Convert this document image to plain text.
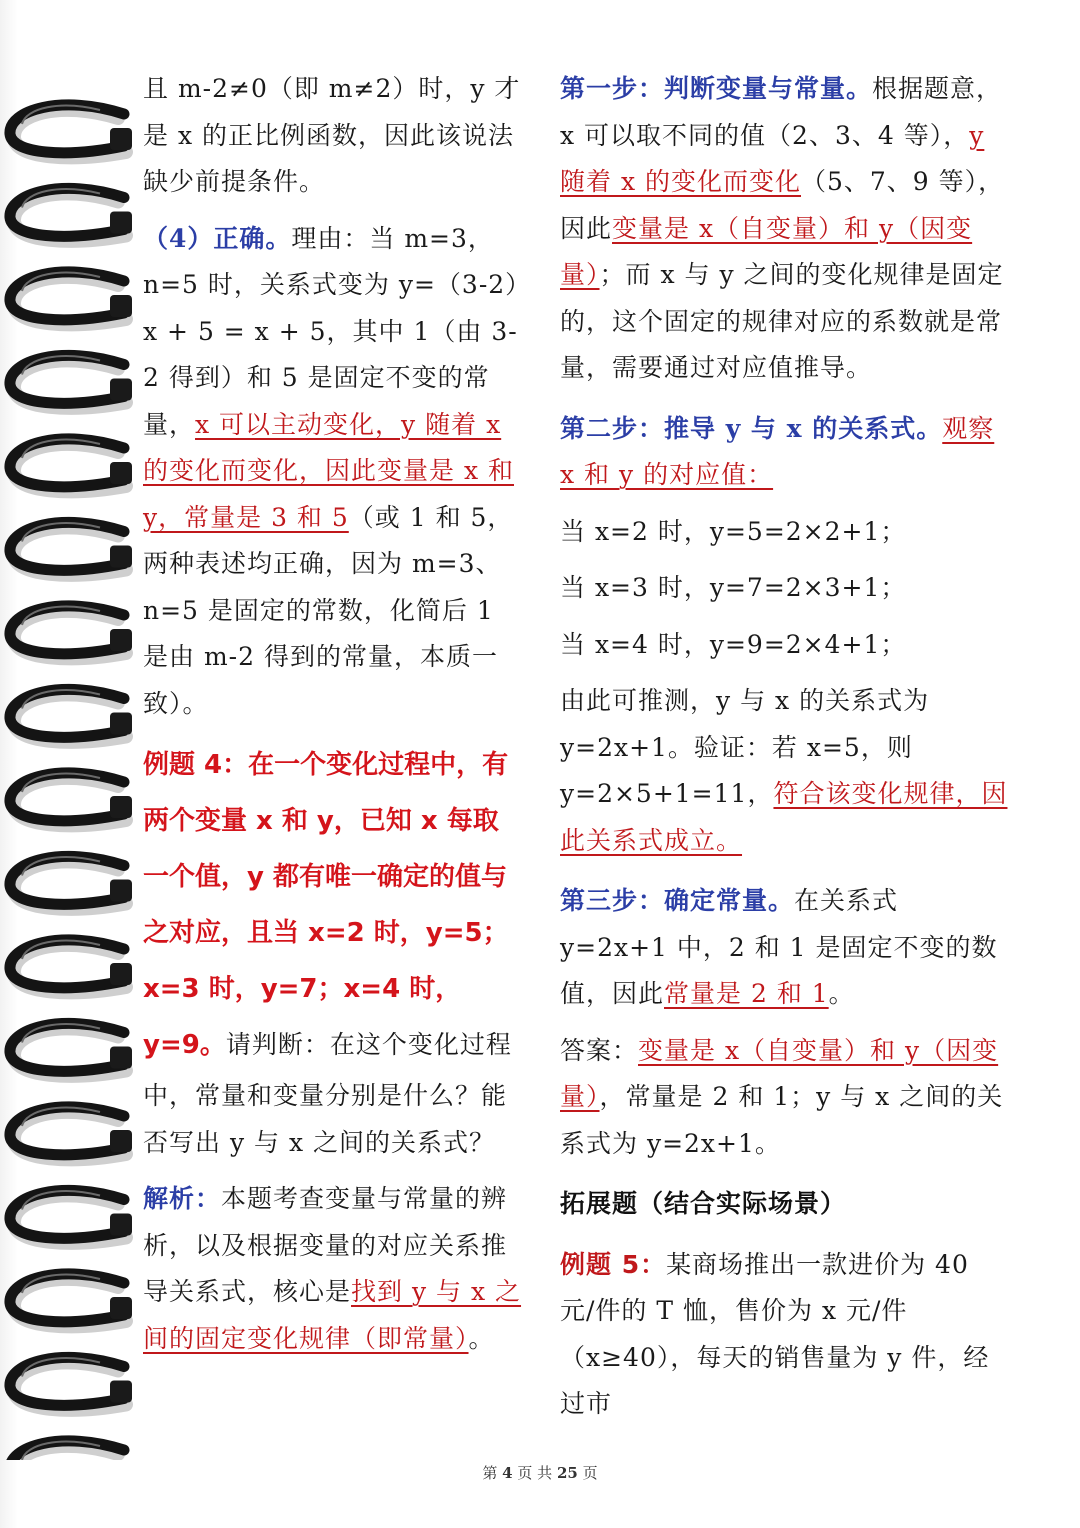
且 m-2≠0（即 m≠2）时，y 才是 x 的正比例函数，因此该说法缺少前提条件。

（4）正确。理由：当 m=3，n=5 时，关系式变为 y=（3-2）x + 5 = x + 5，其中 1（由 3-2 得到）和 5 是固定不变的常量，x 可以主动变化，y 随着 x 的变化而变化，因此变量是 x 和 y，常量是 3 和 5（或 1 和 5，两种表述均正确，因为 m=3、n=5 是固定的常数，化简后 1 是由 m-2 得到的常量，本质一致）。

例题 4：在一个变化过程中，有两个变量 x 和 y，已知 x 每取一个值，y 都有唯一确定的值与之对应，且当 x=2 时，y=5；x=3 时，y=7；x=4 时，y=9。请判断：在这个变化过程中，常量和变量分别是什么？能否写出 y 与 x 之间的关系式？

解析：本题考查变量与常量的辨析，以及根据变量的对应关系推导关系式，核心是找到 y 与 x 之间的固定变化规律（即常量）。

第一步：判断变量与常量。根据题意，x 可以取不同的值（2、3、4 等），y 随着 x 的变化而变化（5、7、9 等），因此变量是 x（自变量）和 y（因变量）；而 x 与 y 之间的变化规律是固定的，这个固定的规律对应的系数就是常量，需要通过对应值推导。

第二步：推导 y 与 x 的关系式。观察 x 和 y 的对应值：

当 x=2 时，y=5=2×2+1；

当 x=3 时，y=7=2×3+1；

当 x=4 时，y=9=2×4+1；

由此可推测，y 与 x 的关系式为 y=2x+1。验证：若 x=5，则 y=2×5+1=11，符合该变化规律，因此关系式成立。

第三步：确定常量。在关系式 y=2x+1 中，2 和 1 是固定不变的数值，因此常量是 2 和 1。

答案：变量是 x（自变量）和 y（因变量），常量是 2 和 1；y 与 x 之间的关系式为 y=2x+1。

拓展题（结合实际场景）

例题 5：某商场推出一款进价为 40 元/件的 T 恤，售价为 x 元/件（x≥40），每天的销售量为 y 件，经过市

第 4 页 共 25 页
